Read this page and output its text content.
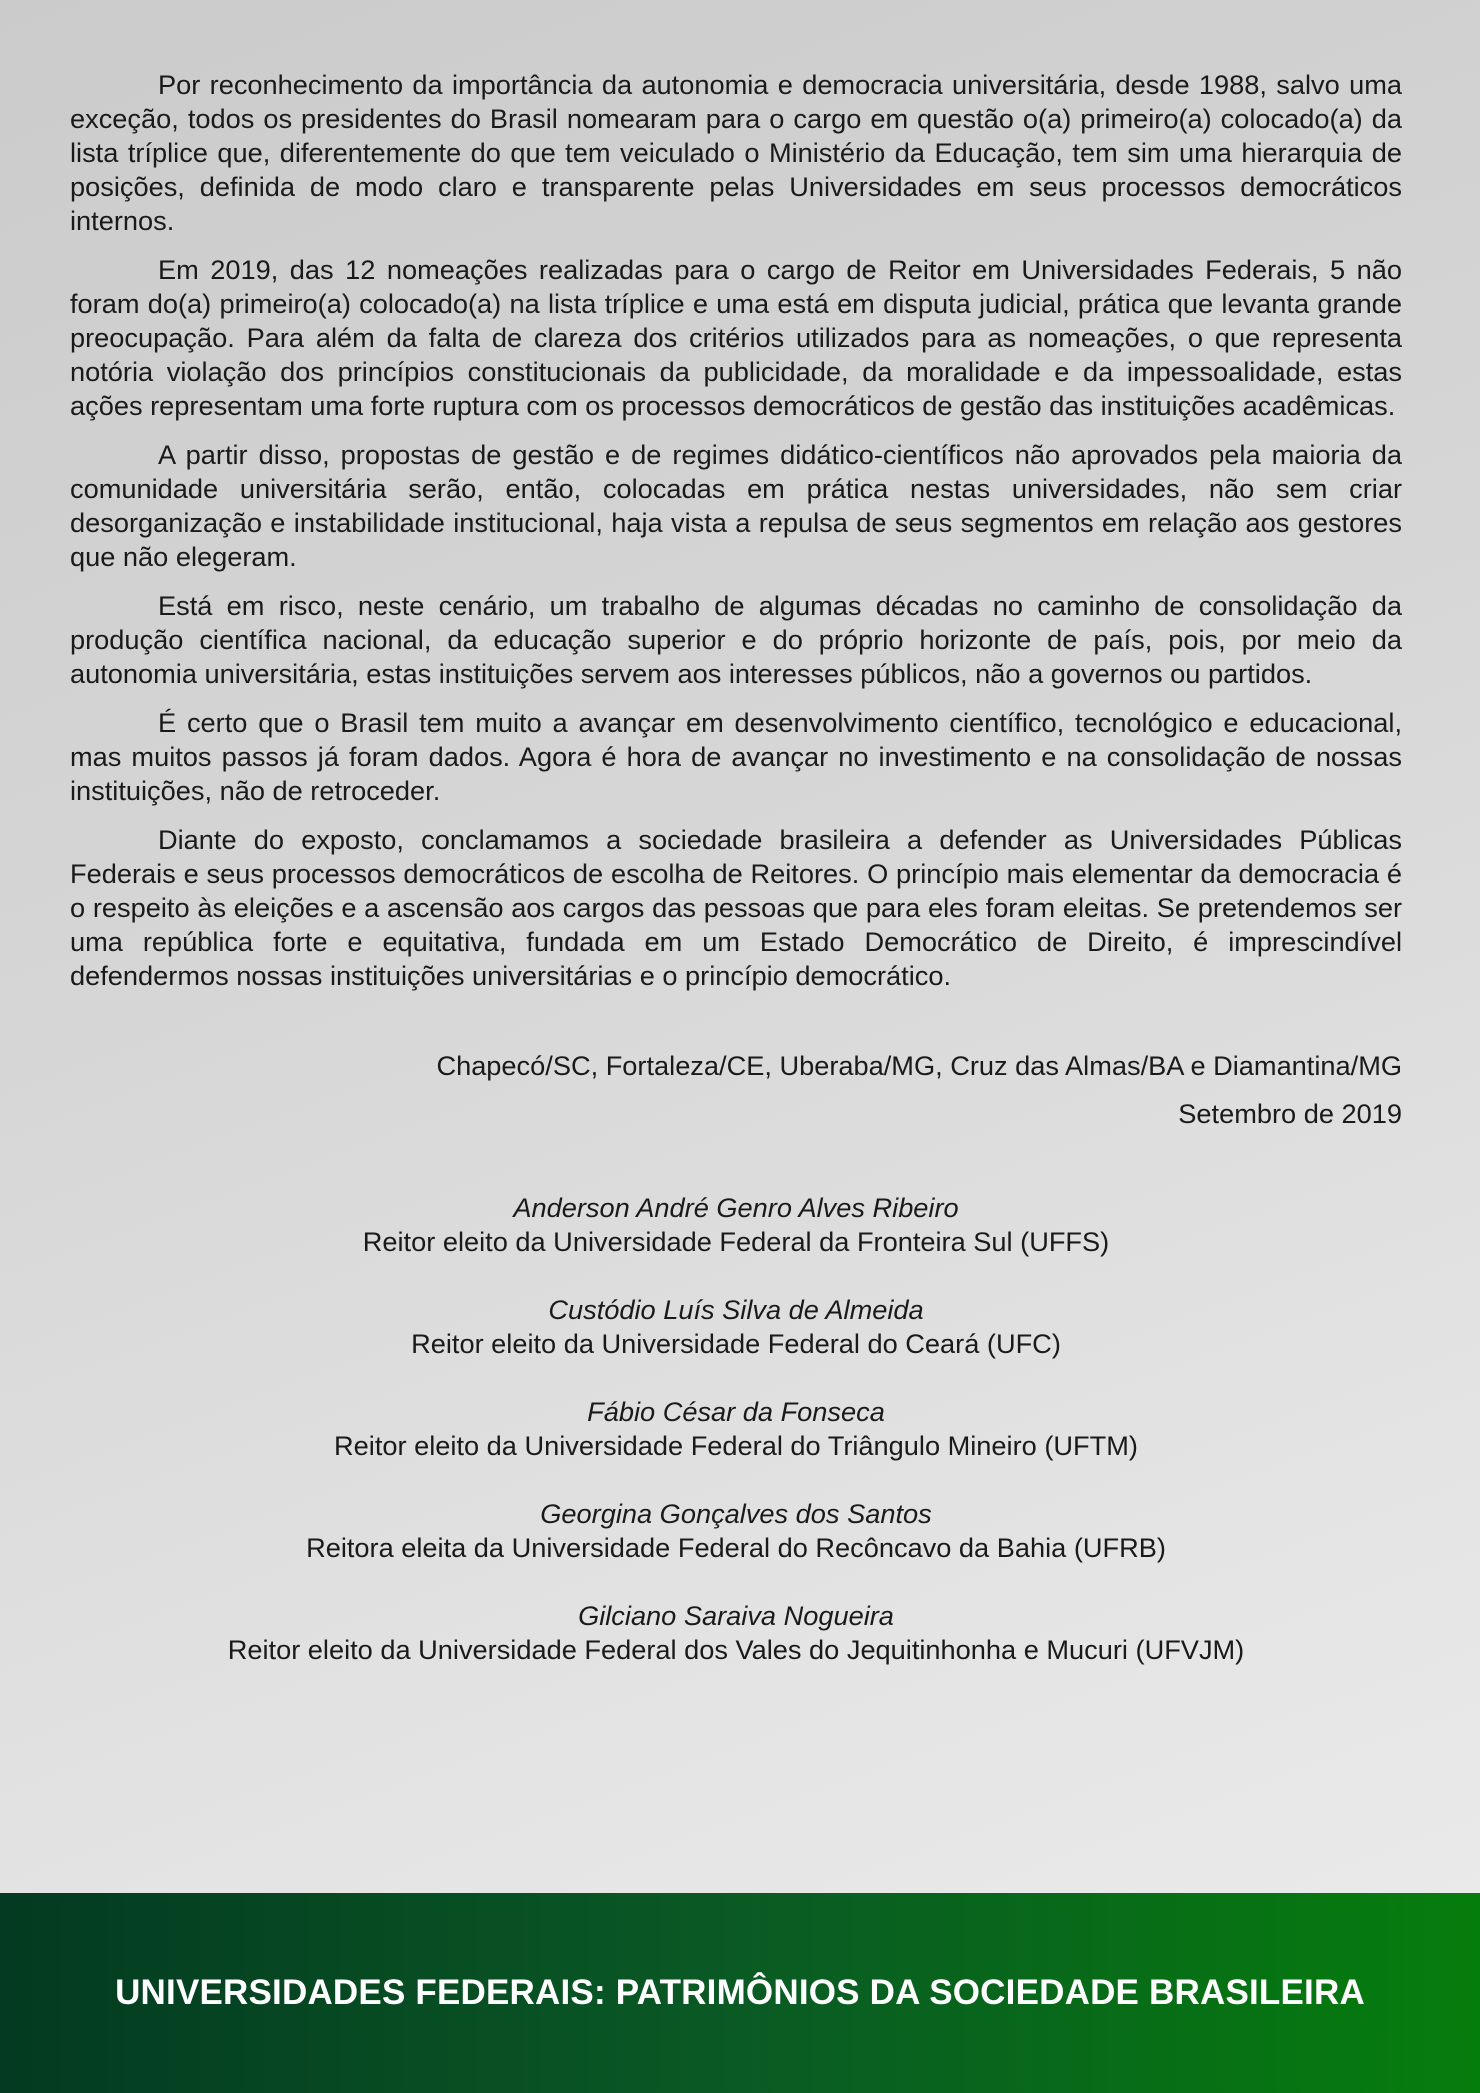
Por reconhecimento da importância da autonomia e democracia universitária, desde 1988, salvo uma exceção, todos os presidentes do Brasil nomearam para o cargo em questão o(a) primeiro(a) colocado(a) da lista tríplice que, diferentemente do que tem veiculado o Ministério da Educação, tem sim uma hierarquia de posições, definida de modo claro e transparente pelas Universidades em seus processos democráticos internos.

Em 2019, das 12 nomeações realizadas para o cargo de Reitor em Universidades Federais, 5 não foram do(a) primeiro(a) colocado(a) na lista tríplice e uma está em disputa judicial, prática que levanta grande preocupação. Para além da falta de clareza dos critérios utilizados para as nomeações, o que representa notória violação dos princípios constitucionais da publicidade, da moralidade e da impessoalidade, estas ações representam uma forte ruptura com os processos democráticos de gestão das instituições acadêmicas.

A partir disso, propostas de gestão e de regimes didático-científicos não aprovados pela maioria da comunidade universitária serão, então, colocadas em prática nestas universidades, não sem criar desorganização e instabilidade institucional, haja vista a repulsa de seus segmentos em relação aos gestores que não elegeram.

Está em risco, neste cenário, um trabalho de algumas décadas no caminho de consolidação da produção científica nacional, da educação superior e do próprio horizonte de país, pois, por meio da autonomia universitária, estas instituições servem aos interesses públicos, não a governos ou partidos.

É certo que o Brasil tem muito a avançar em desenvolvimento científico, tecnológico e educacional, mas muitos passos já foram dados. Agora é hora de avançar no investimento e na consolidação de nossas instituições, não de retroceder.

Diante do exposto, conclamamos a sociedade brasileira a defender as Universidades Públicas Federais e seus processos democráticos de escolha de Reitores. O princípio mais elementar da democracia é o respeito às eleições e a ascensão aos cargos das pessoas que para eles foram eleitas. Se pretendemos ser uma república forte e equitativa, fundada em um Estado Democrático de Direito, é imprescindível defendermos nossas instituições universitárias e o princípio democrático.

Chapecó/SC, Fortaleza/CE, Uberaba/MG, Cruz das Almas/BA e Diamantina/MG
Setembro de 2019
Anderson André Genro Alves Ribeiro
Reitor eleito da Universidade Federal da Fronteira Sul (UFFS)
Custódio Luís Silva de Almeida
Reitor eleito da Universidade Federal do Ceará (UFC)
Fábio César da Fonseca
Reitor eleito da Universidade Federal do Triângulo Mineiro (UFTM)
Georgina Gonçalves dos Santos
Reitora eleita da Universidade Federal do Recôncavo da Bahia (UFRB)
Gilciano Saraiva Nogueira
Reitor eleito da Universidade Federal dos Vales do Jequitinhonha e Mucuri (UFVJM)
UNIVERSIDADES FEDERAIS: PATRIMÔNIOS DA SOCIEDADE BRASILEIRA
